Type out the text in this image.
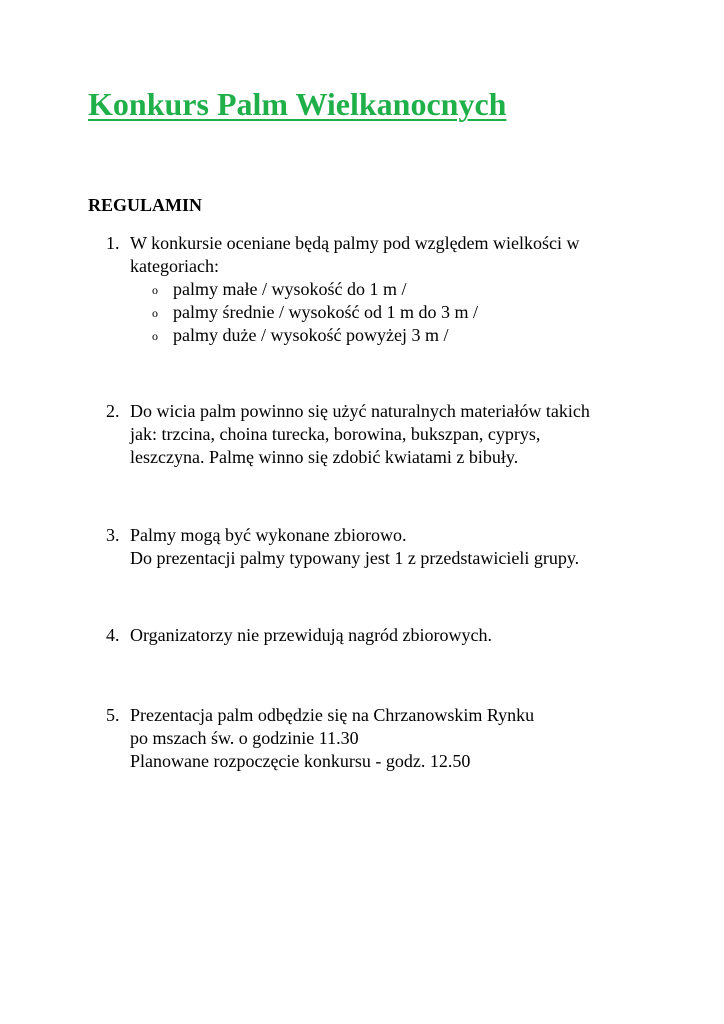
Konkurs Palm Wielkanocnych
REGULAMIN
1. W konkursie oceniane będą palmy pod względem wielkości w
kategoriach:
o palmy małe / wysokość do 1 m /
o palmy średnie / wysokość od 1 m do 3 m /
o palmy duże / wysokość powyżej 3 m /
2. Do wicia palm powinno się użyć naturalnych materiałów takich
jak: trzcina, choina turecka, borowina, bukszpan, cyprys,
leszczyna. Palmę winno się zdobić kwiatami z bibuły.
3. Palmy mogą być wykonane zbiorowo.
Do prezentacji palmy typowany jest 1 z przedstawicieli grupy.
4. Organizatorzy nie przewidują nagród zbiorowych.
5. Prezentacja palm odbędzie się na Chrzanowskim Rynku
po mszach św. o godzinie 11.30
Planowane rozpoczęcie konkursu - godz. 12.50
